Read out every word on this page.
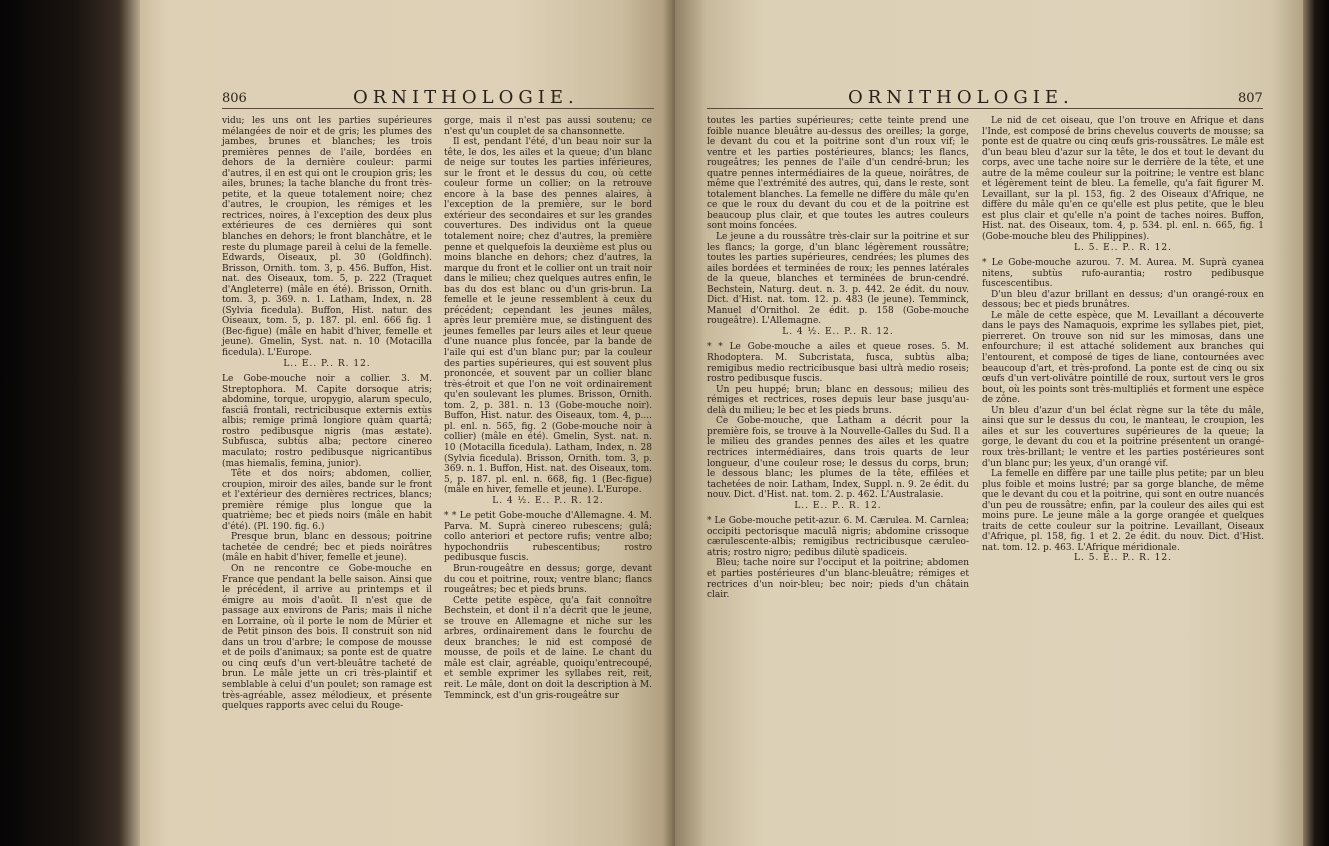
806	ORNITHOLOGIE.

vidu; les uns ont les parties supérieures mélangées de noir et de gris; les plumes des jambes, brunes et blanches; les trois premières pennes de l'aile, bordées en dehors de la dernière couleur: parmi d'autres, il en est qui ont le croupion gris; les ailes, brunes; la tache blanche du front très-petite, et la queue totalement noire; chez d'autres, le croupion, les rémiges et les rectrices, noires, à l'exception des deux plus extérieures de ces dernières qui sont blanches en dehors; le front blanchâtre, et le reste du plumage pareil à celui de la femelle. Edwards, Oiseaux, pl. 30 (Goldfinch). Brisson, Ornith. tom. 3, p. 456. Buffon, Hist. nat. des Oiseaux, tom. 5, p. 222 (Traquet d'Angleterre) (mâle en été). Brisson, Ornith. tom. 3, p. 369. n. 1. Latham, Index, n. 28 (Sylvia ficedula). Buffon, Hist. natur. des Oiseaux, tom. 5, p. 187. pl. enl. 666 fig. 1 (Bec-figue) (mâle en habit d'hiver, femelle et jeune). Gmelin, Syst. nat. n. 10 (Motacilla ficedula). L'Europe.

L.. E.. P.. R. 12.

Le Gobe-mouche noir a collier. 3. M. Streptophora. M. Capite dorsoque atris; abdomine, torque, uropygio, alarum speculo, fasciâ frontali, rectricibusque externis extùs albis; remige primâ longiore quàm quartâ; rostro pedibusque nigris (mas æstate). Subfusca, subtùs alba; pectore cinereo maculato; rostro pedibusque nigricantibus (mas hiemalis, femina, junior).

Tête et dos noirs; abdomen, collier, croupion, miroir des ailes, bande sur le front et l'extérieur des dernières rectrices, blancs; première rémige plus longue que la quatrième; bec et pieds noirs (mâle en habit d'été). (Pl. 190. fig. 6.)

Presque brun, blanc en dessous; poitrine tachetée de cendré; bec et pieds noirâtres (mâle en habit d'hiver, femelle et jeune).

On ne rencontre ce Gobe-mouche en France que pendant la belle saison. Ainsi que le précédent, il arrive au printemps et il émigre au mois d'août. Il n'est que de passage aux environs de Paris; mais il niche en Lorraine, où il porte le nom de Mûrier et de Petit pinson des bois. Il construit son nid dans un trou d'arbre; le compose de mousse et de poils d'animaux; sa ponte est de quatre ou cinq œufs d'un vert-bleuâtre tacheté de brun. Le mâle jette un cri très-plaintif et semblable à celui d'un poulet; son ramage est très-agréable, assez mélodieux, et présente quelques rapports avec celui du Rouge-

gorge, mais il n'est pas aussi soutenu; ce n'est qu'un couplet de sa chansonnette.

Il est, pendant l'été, d'un beau noir sur la tête, le dos, les ailes et la queue; d'un blanc de neige sur toutes les parties inférieures, sur le front et le dessus du cou, où cette couleur forme un collier; on la retrouve encore à la base des pennes alaires, à l'exception de la première, sur le bord extérieur des secondaires et sur les grandes couvertures. Des individus ont la queue totalement noire; chez d'autres, la première penne et quelquefois la deuxième est plus ou moins blanche en dehors; chez d'autres, la marque du front et le collier ont un trait noir dans le milieu; chez quelques autres enfin, le bas du dos est blanc ou d'un gris-brun. La femelle et le jeune ressemblent à ceux du précédent; cependant les jeunes mâles, après leur première mue, se distinguent des jeunes femelles par leurs ailes et leur queue d'une nuance plus foncée, par la bande de l'aile qui est d'un blanc pur; par la couleur des parties supérieures, qui est souvent plus prononcée, et souvent par un collier blanc très-étroit et que l'on ne voit ordinairement qu'en soulevant les plumes. Brisson, Ornith. tom. 2, p. 381. n. 13 (Gobe-mouche noir). Buffon, Hist. natur. des Oiseaux, tom. 4, p.... pl. enl. n. 565, fig. 2 (Gobe-mouche noir à collier) (mâle en été). Gmelin, Syst. nat. n. 10 (Motacilla ficedula). Latham, Index, n. 28 (Sylvia ficedula). Brisson, Ornith. tom. 3, p. 369. n. 1. Buffon, Hist. nat. des Oiseaux, tom. 5, p. 187. pl. enl. n. 668, fig. 1 (Bec-figue) (mâle en hiver, femelle et jeune). L'Europe.

L. 4 ½. E.. P.. R. 12.

* * Le petit Gobe-mouche d'Allemagne. 4. M. Parva. M. Suprà cinereo rubescens; gulâ; collo anteriori et pectore rufis; ventre albo; hypochondriis rubescentibus; rostro pedibusque fuscis.

Brun-rougeâtre en dessus; gorge, devant du cou et poitrine, roux; ventre blanc; flancs rougeâtres; bec et pieds bruns.

Cette petite espèce, qu'a fait connoître Bechstein, et dont il n'a décrit que le jeune, se trouve en Allemagne et niche sur les arbres, ordinairement dans le fourchu de deux branches; le nid est composé de mousse, de poils et de laine. Le chant du mâle est clair, agréable, quoiqu'entrecoupé, et semble exprimer les syllabes reit, reit, reit. Le mâle, dont on doit la description à M. Temminck, est d'un gris-rougeâtre sur

ORNITHOLOGIE.	807

toutes les parties supérieures; cette teinte prend une foible nuance bleuâtre au-dessus des oreilles; la gorge, le devant du cou et la poitrine sont d'un roux vif; le ventre et les parties postérieures, blancs; les flancs, rougeâtres; les pennes de l'aile d'un cendré-brun; les quatre pennes intermédiaires de la queue, noirâtres, de même que l'extrémité des autres, qui, dans le reste, sont totalement blanches. La femelle ne diffère du mâle qu'en ce que le roux du devant du cou et de la poitrine est beaucoup plus clair, et que toutes les autres couleurs sont moins foncées.

Le jeune a du roussâtre très-clair sur la poitrine et sur les flancs; la gorge, d'un blanc légèrement roussâtre; toutes les parties supérieures, cendrées; les plumes des ailes bordées et terminées de roux; les pennes latérales de la queue, blanches et terminées de brun-cendré. Bechstein, Naturg. deut. n. 3. p. 442. 2e édit. du nouv. Dict. d'Hist. nat. tom. 12. p. 483 (le jeune). Temminck, Manuel d'Ornithol. 2e édit. p. 158 (Gobe-mouche rougeâtre). L'Allemagne.

L. 4 ½. E.. P.. R. 12.

* * Le Gobe-mouche a ailes et queue roses. 5. M. Rhodoptera. M. Subcristata, fusca, subtùs alba; remigibus medio rectricibusque basi ultrà medio roseis; rostro pedibusque fuscis.

Un peu huppé; brun; blanc en dessous; milieu des rémiges et rectrices, roses depuis leur base jusqu'au-delà du milieu; le bec et les pieds bruns.

Ce Gobe-mouche, que Latham a décrit pour la première fois, se trouve à la Nouvelle-Galles du Sud. Il a le milieu des grandes pennes des ailes et les quatre rectrices intermédiaires, dans trois quarts de leur longueur, d'une couleur rose; le dessus du corps, brun; le dessous blanc; les plumes de la tête, effilées et tachetées de noir. Latham, Index, Suppl. n. 9. 2e édit. du nouv. Dict. d'Hist. nat. tom. 2. p. 462. L'Australasie.

L.. E.. P.. R. 12.

* Le Gobe-mouche petit-azur. 6. M. Cærulea. M. Carnlea; occipiti pectorisque maculâ nigris; abdomine crissoque cærulescente-albis; remigibus rectricibusque cæruleo-atris; rostro nigro; pedibus dilutè spadiceis.

Bleu; tache noire sur l'occiput et la poitrine; abdomen et parties postérieures d'un blanc-bleuâtre; rémiges et rectrices d'un noir-bleu; bec noir; pieds d'un châtain clair.

Le nid de cet oiseau, que l'on trouve en Afrique et dans l'Inde, est composé de brins chevelus couverts de mousse; sa ponte est de quatre ou cinq œufs gris-roussâtres. Le mâle est d'un beau bleu d'azur sur la tête, le dos et tout le devant du corps, avec une tache noire sur le derrière de la tête, et une autre de la même couleur sur la poitrine; le ventre est blanc et légèrement teint de bleu. La femelle, qu'a fait figurer M. Levaillant, sur la pl. 153, fig. 2 des Oiseaux d'Afrique, ne diffère du mâle qu'en ce qu'elle est plus petite, que le bleu est plus clair et qu'elle n'a point de taches noires. Buffon, Hist. nat. des Oiseaux, tom. 4, p. 534. pl. enl. n. 665, fig. 1 (Gobe-mouche bleu des Philippines).

L. 5. E.. P.. R. 12.

* Le Gobe-mouche azurou. 7. M. Aurea. M. Suprà cyanea nitens, subtùs rufo-aurantia; rostro pedibusque fuscescentibus.

D'un bleu d'azur brillant en dessus; d'un orangé-roux en dessous; bec et pieds brunâtres.

Le mâle de cette espèce, que M. Levaillant a découverte dans le pays des Namaquois, exprime les syllabes piet, piet, pierreret. On trouve son nid sur les mimosas, dans une enfourchure; il est attaché solidement aux branches qui l'entourent, et composé de tiges de liane, contournées avec beaucoup d'art, et très-profond. La ponte est de cinq ou six œufs d'un vert-olivâtre pointillé de roux, surtout vers le gros bout, où les points sont très-multipliés et forment une espèce de zône.

Un bleu d'azur d'un bel éclat règne sur la tête du mâle, ainsi que sur le dessus du cou, le manteau, le croupion, les ailes et sur les couvertures supérieures de la queue; la gorge, le devant du cou et la poitrine présentent un orangé-roux très-brillant; le ventre et les parties postérieures sont d'un blanc pur; les yeux, d'un orangé vif.

La femelle en diffère par une taille plus petite; par un bleu plus foible et moins lustré; par sa gorge blanche, de même que le devant du cou et la poitrine, qui sont en outre nuancés d'un peu de roussâtre; enfin, par la couleur des ailes qui est moins pure. Le jeune mâle a la gorge orangée et quelques traits de cette couleur sur la poitrine. Levaillant, Oiseaux d'Afrique, pl. 158, fig. 1 et 2. 2e édit. du nouv. Dict. d'Hist. nat. tom. 12. p. 463. L'Afrique méridionale.

L. 5. E.. P.. R. 12.
